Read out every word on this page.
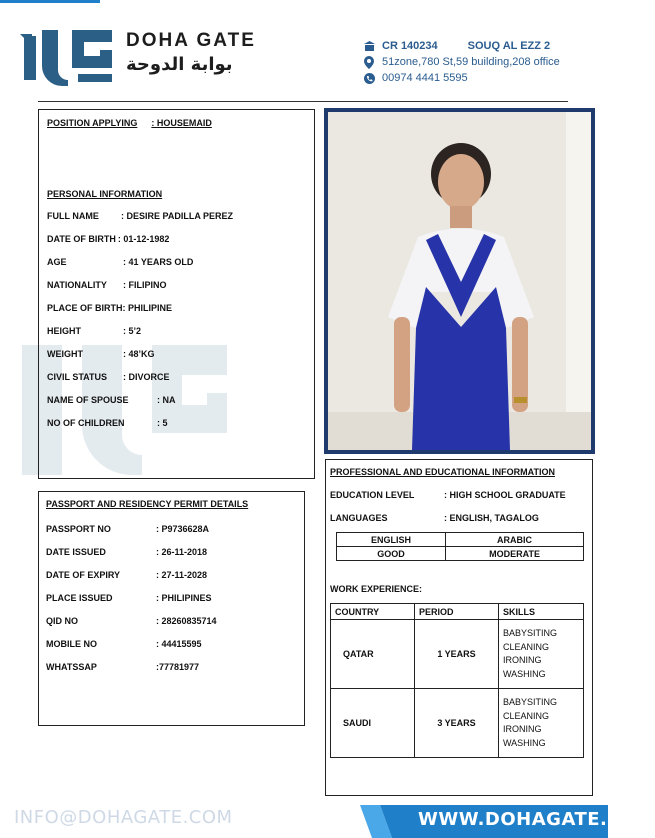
DOHA GATE
بوابة الدوحة
CR 140234	SOUQ AL EZZ 2
51zone,780 St,59 building,208 office
00974 4441 5595
POSITION APPLYING : HOUSEMAID
PERSONAL INFORMATION
FULL NAME	: DESIRE PADILLA PEREZ
DATE OF BIRTH : 01-12-1982
AGE	: 41 YEARS OLD
NATIONALITY	: FILIPINO
PLACE OF BIRTH : PHILIPINE
HEIGHT	: 5’2
WEIGHT	: 48’KG
CIVIL STATUS	: DIVORCE
NAME OF SPOUSE	: NA
NO OF CHILDREN	: 5
PASSPORT AND RESIDENCY PERMIT DETAILS
PASSPORT NO	: P9736628A
DATE ISSUED	: 26-11-2018
DATE OF EXPIRY	: 27-11-2028
PLACE ISSUED	: PHILIPINES
QID NO	: 28260835714
MOBILE NO	: 44415595
WHATSSAP	:77781977
PROFESSIONAL AND EDUCATIONAL INFORMATION
EDUCATION LEVEL	: HIGH SCHOOL GRADUATE
LANGUAGES	: ENGLISH, TAGALOG
ENGLISH	ARABIC
GOOD	MODERATE
WORK EXPERIENCE:
COUNTRY	PERIOD	SKILLS
QATAR	1 YEARS	BABYSITING
CLEANING
IRONING
WASHING

SAUDI	3 YEARS	BABYSITING
CLEANING
IRONING
WASHING
INFO@DOHAGATE.COM	WWW.DOHAGATE.COM
